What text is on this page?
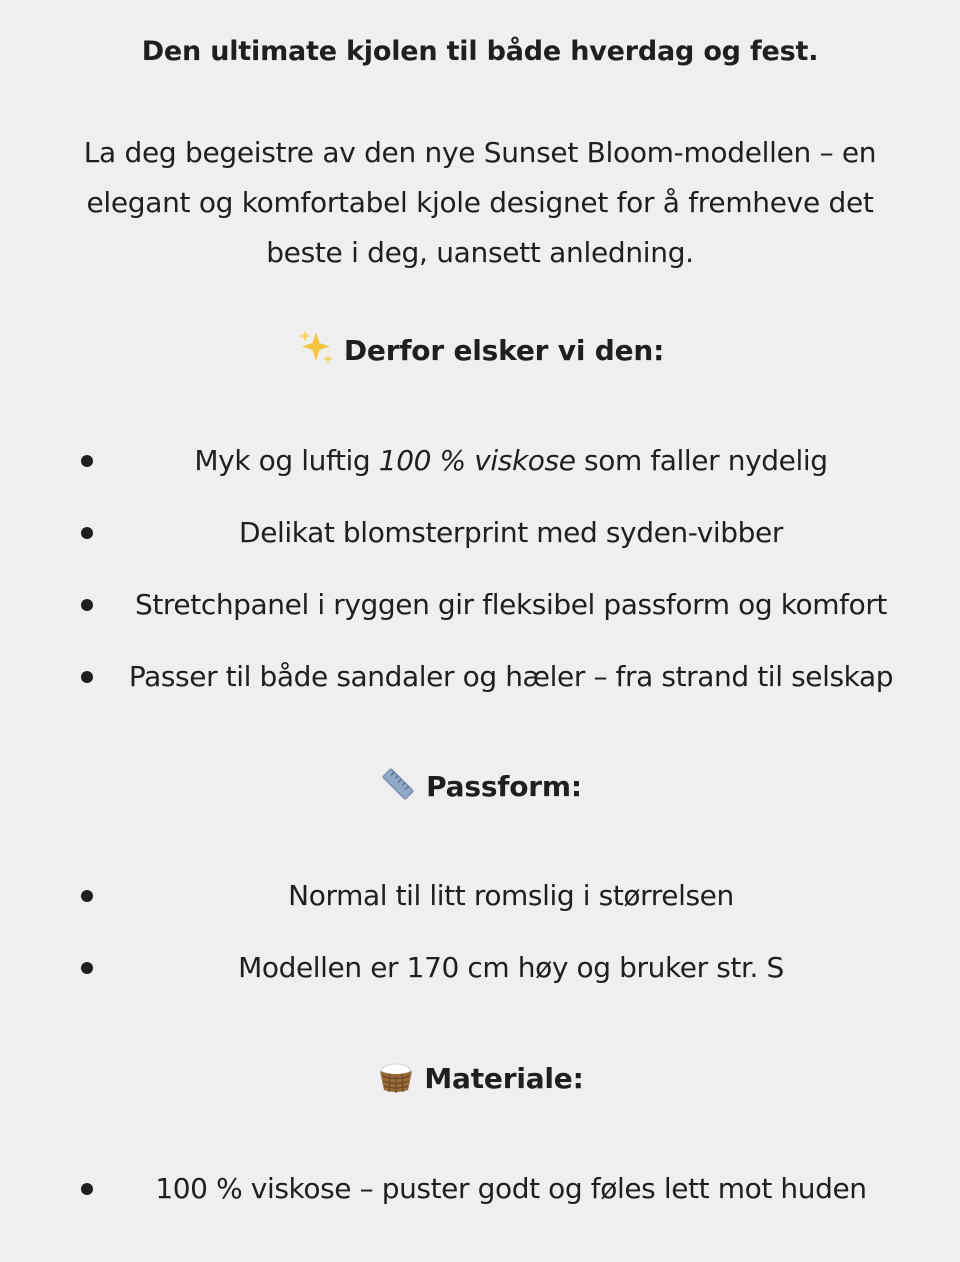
Den ultimate kjolen til både hverdag og fest.
La deg begeistre av den nye Sunset Bloom-modellen – en elegant og komfortabel kjole designet for å fremheve det beste i deg, uansett anledning.
Derfor elsker vi den:
Myk og luftig 100 % viskose som faller nydelig
Delikat blomsterprint med syden-vibber
Stretchpanel i ryggen gir fleksibel passform og komfort
Passer til både sandaler og hæler – fra strand til selskap
Passform:
Normal til litt romslig i størrelsen
Modellen er 170 cm høy og bruker str. S
Materiale:
100 % viskose – puster godt og føles lett mot huden
